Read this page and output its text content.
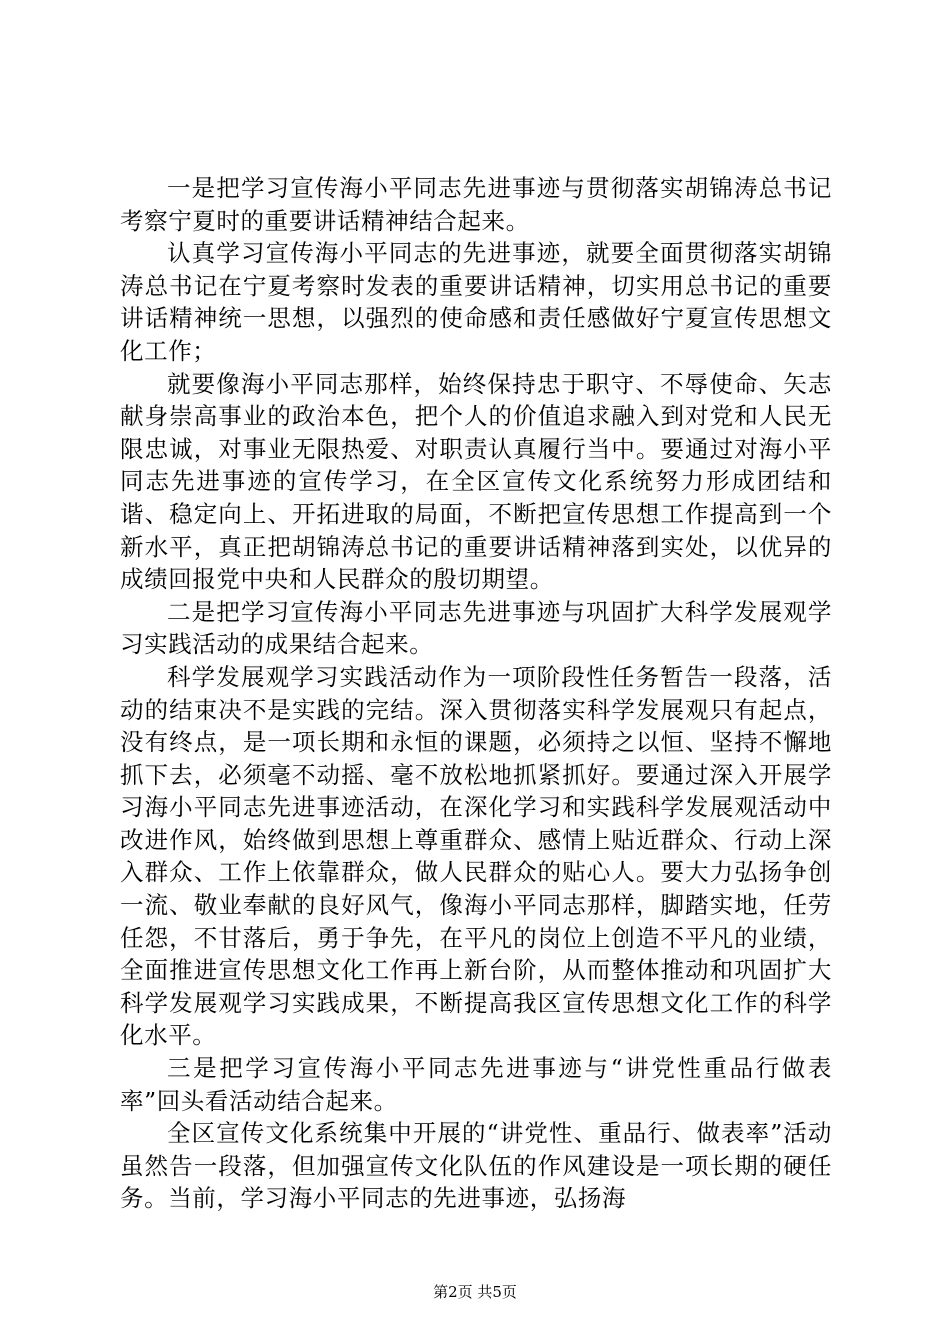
一是把学习宣传海小平同志先进事迹与贯彻落实胡锦涛总书记考察宁夏时的重要讲话精神结合起来。

认真学习宣传海小平同志的先进事迹，就要全面贯彻落实胡锦涛总书记在宁夏考察时发表的重要讲话精神，切实用总书记的重要讲话精神统一思想，以强烈的使命感和责任感做好宁夏宣传思想文化工作；

就要像海小平同志那样，始终保持忠于职守、不辱使命、矢志献身崇高事业的政治本色，把个人的价值追求融入到对党和人民无限忠诚，对事业无限热爱、对职责认真履行当中。要通过对海小平同志先进事迹的宣传学习，在全区宣传文化系统努力形成团结和谐、稳定向上、开拓进取的局面，不断把宣传思想工作提高到一个新水平，真正把胡锦涛总书记的重要讲话精神落到实处，以优异的成绩回报党中央和人民群众的殷切期望。

二是把学习宣传海小平同志先进事迹与巩固扩大科学发展观学习实践活动的成果结合起来。

科学发展观学习实践活动作为一项阶段性任务暂告一段落，活动的结束决不是实践的完结。深入贯彻落实科学发展观只有起点，没有终点，是一项长期和永恒的课题，必须持之以恒、坚持不懈地抓下去，必须毫不动摇、毫不放松地抓紧抓好。要通过深入开展学习海小平同志先进事迹活动，在深化学习和实践科学发展观活动中改进作风，始终做到思想上尊重群众、感情上贴近群众、行动上深入群众、工作上依靠群众，做人民群众的贴心人。要大力弘扬争创一流、敬业奉献的良好风气，像海小平同志那样，脚踏实地，任劳任怨，不甘落后，勇于争先，在平凡的岗位上创造不平凡的业绩，全面推进宣传思想文化工作再上新台阶，从而整体推动和巩固扩大科学发展观学习实践成果，不断提高我区宣传思想文化工作的科学化水平。

三是把学习宣传海小平同志先进事迹与“讲党性重品行做表率”回头看活动结合起来。

全区宣传文化系统集中开展的“讲党性、重品行、做表率”活动虽然告一段落，但加强宣传文化队伍的作风建设是一项长期的硬任务。当前，学习海小平同志的先进事迹，弘扬海

第2页 共5页
